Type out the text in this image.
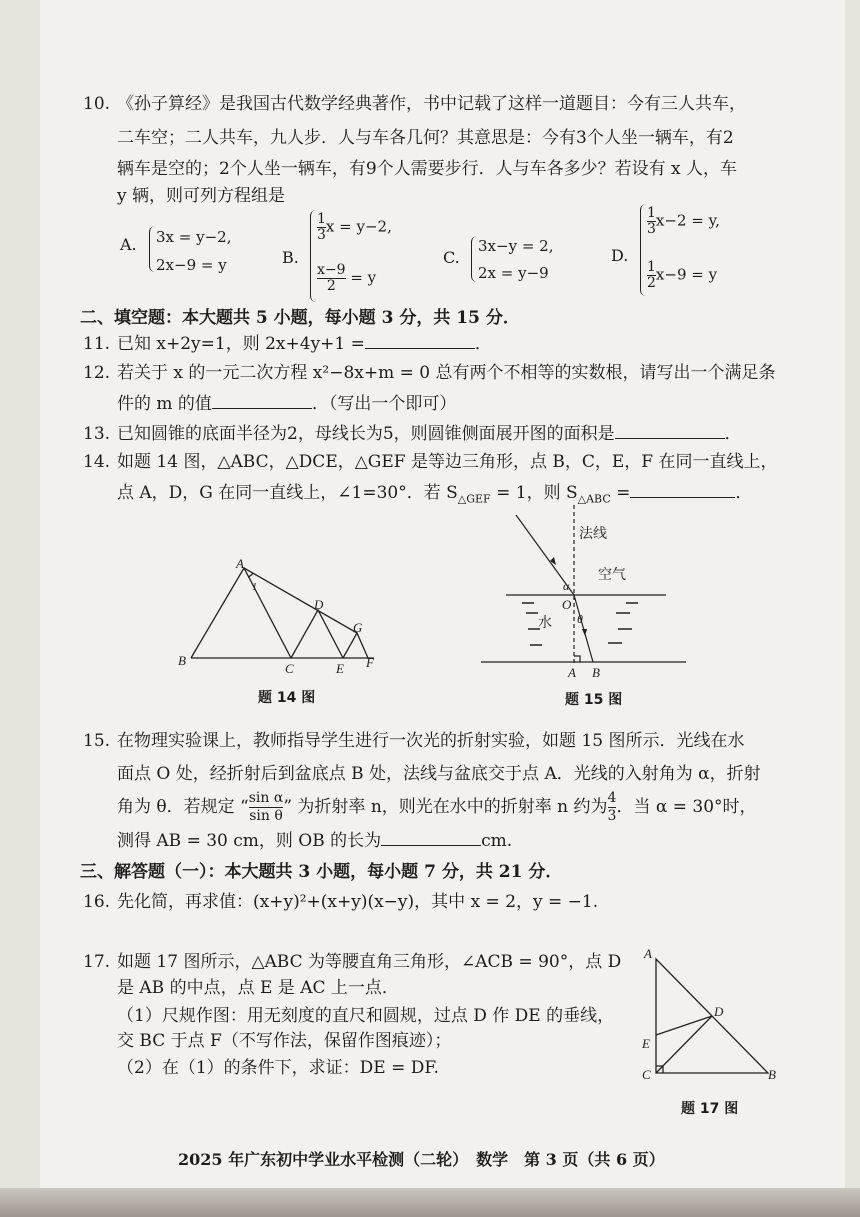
10. 《孙子算经》是我国古代数学经典著作，书中记载了这样一道题目：今有三人共车，
二车空；二人共车，九人步．人与车各几何？其意思是：今有3个人坐一辆车，有2
辆车是空的；2个人坐一辆车，有9个人需要步行．人与车各多少？若设有 x 人，车
y 辆，则可列方程组是
A. 3x = y−2,
2x−9 = y	B.
$\frac{1}{3}$ x = y−2,
$\frac{x-9}{2} = y$
C.
3x−y = 2,
2x = y−9
D.
$\frac{1}{3} x-2 = y$,
$\frac{1}{2} x-9 = y$
二、填空题：本大题共 5 小题，每小题 3 分，共 15 分．
11. 已知 x+2y=1，则 2x+4y+1 =	．
12. 若关于 x 的一元二次方程 x²−8x+m = 0 总有两个不相等的实数根，请写出一个满足条
件的 m 的值	．（写出一个即可）
13. 已知圆锥的底面半径为2，母线长为5，则圆锥侧面展开图的面积是	．
14. 如题 14 图，△ABC，△DCE，△GEF 是等边三角形，点 B，C，E，F 在同一直线上，
点 A，D，G 在同一直线上，∠1=30°．若 $S_{\triangle GEF} = 1$，则 $S_{\triangle ABC}$ =	．
A
B
C
D
E F
G
1
题 14 图
法线
空气
水
O
A B
α
θ
题 15 图
15. 在物理实验课上，教师指导学生进行一次光的折射实验，如题 15 图所示．光线在水
面点 O 处，经折射后到盆底点 B 处，法线与盆底交于点 A．光线的入射角为 α，折射
角为 θ．若规定 “ $\frac{\text{sin α}}{\text{sin θ}}$ ” 为折射率 n，则光在水中的折射率 n 约为 $\frac{4}{3}$ ．当 α = 30°时，
测得 AB = 30 cm，则 OB 的长为	cm.
三、解答题（一）：本大题共 3 小题，每小题 7 分，共 21 分．
16. 先化简，再求值：(x+y)²+(x+y)(x−y)，其中 x = 2，y = −1.
17. 如题 17 图所示，△ABC 为等腰直角三角形，∠ACB = 90°，点 D
是 AB 的中点，点 E 是 AC 上一点．
（1）尺规作图：用无刻度的直尺和圆规，过点 D 作 DE 的垂线，
交 BC 于点 F（不写作法，保留作图痕迹）；
（2）在（1）的条件下，求证：DE = DF.
A
B
C
D
E
题 17 图
2025 年广东初中学业水平检测（二轮）　数学　第 3 页（共 6 页）
